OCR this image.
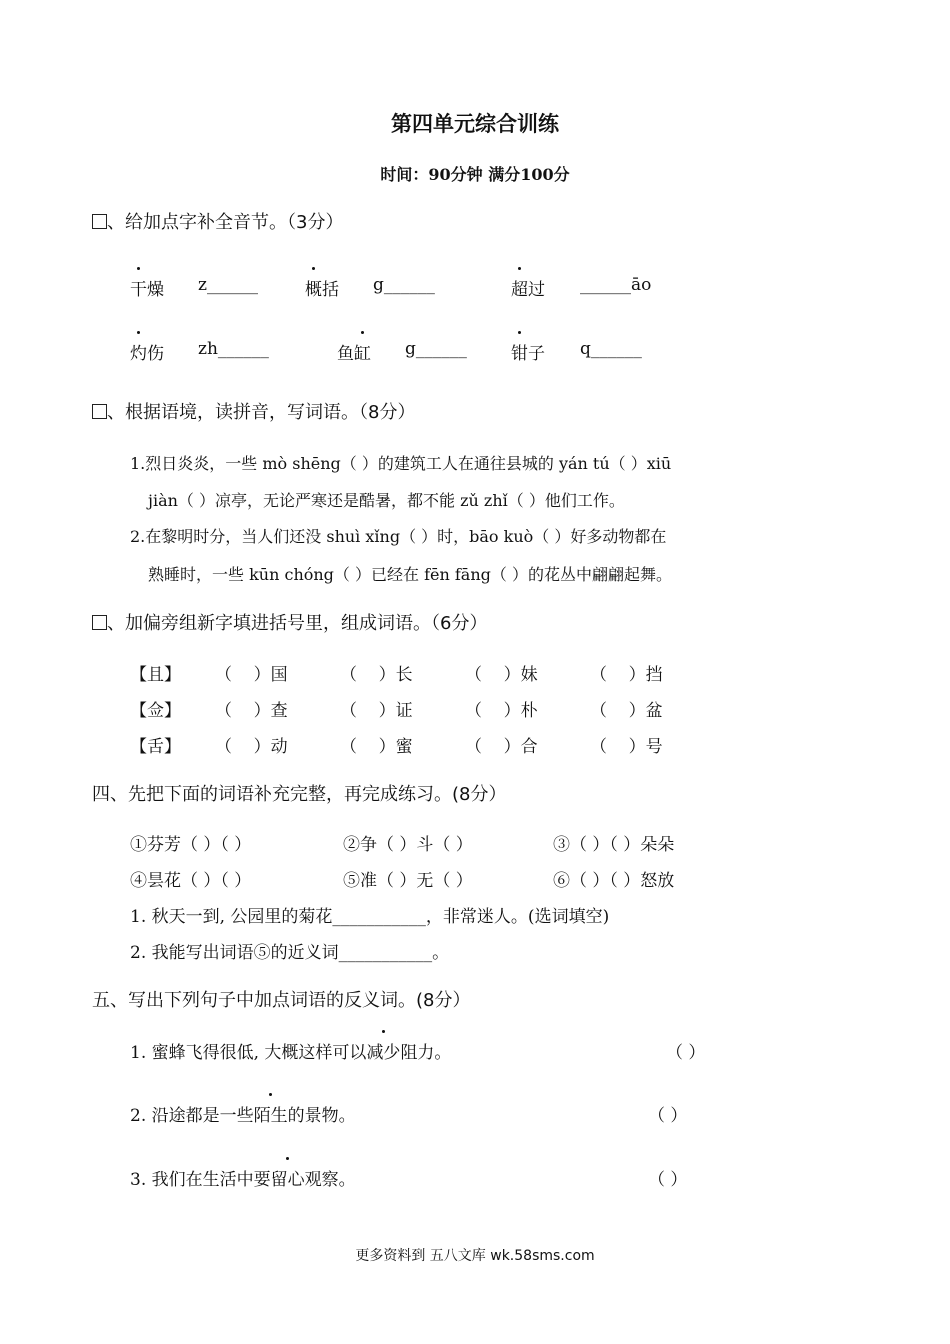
第四单元综合训练
时间：90分钟 满分100分
、给加点字补全音节。（3分）
干燥 z______	概括 g______	超过 ______āo
灼伤 zh______	鱼缸 g______	钳子 q______
、根据语境，读拼音，写词语。（8分）
1.烈日炎炎，一些 mò shēng（ ）的建筑工人在通往县城的 yán tú（ ）xiū
jiàn（ ）凉亭，无论严寒还是酷暑，都不能 zǔ zhǐ（ ）他们工作。
2.在黎明时分，当人们还没 shuì xǐng（ ）时，bāo kuò（ ）好多动物都在
熟睡时，一些 kūn chóng（ ）已经在 fēn fāng（ ）的花丛中翩翩起舞。
、加偏旁组新字填进括号里，组成词语。（6分）
【且】 （    ）国	（    ）长	（    ）妹	（    ）挡
【佥】 （    ）查	（    ）证	（    ）朴	（    ）盆
【舌】 （    ）动	（    ）蜜	（    ）合	（    ）号
四、先把下面的词语补充完整，再完成练习。(8分）
①芬芳（ ）（ ）	②争（ ）斗（ ）	③（ ）（ ）朵朵
④昙花（ ）（ ）	⑤准（ ）无（ ）	⑥（ ）（ ）怒放
1. 秋天一到, 公园里的菊花___________，非常迷人。(选词填空)
2. 我能写出词语⑤的近义词___________。
五、写出下列句子中加点词语的反义词。(8分）
1. 蜜蜂飞得很低, 大概这样可以减少阻力。	（ ）
2. 沿途都是一些陌生的景物。	（ ）
3. 我们在生活中要留心观察。	（ ）
更多资料到 五八文库 wk.58sms.com
